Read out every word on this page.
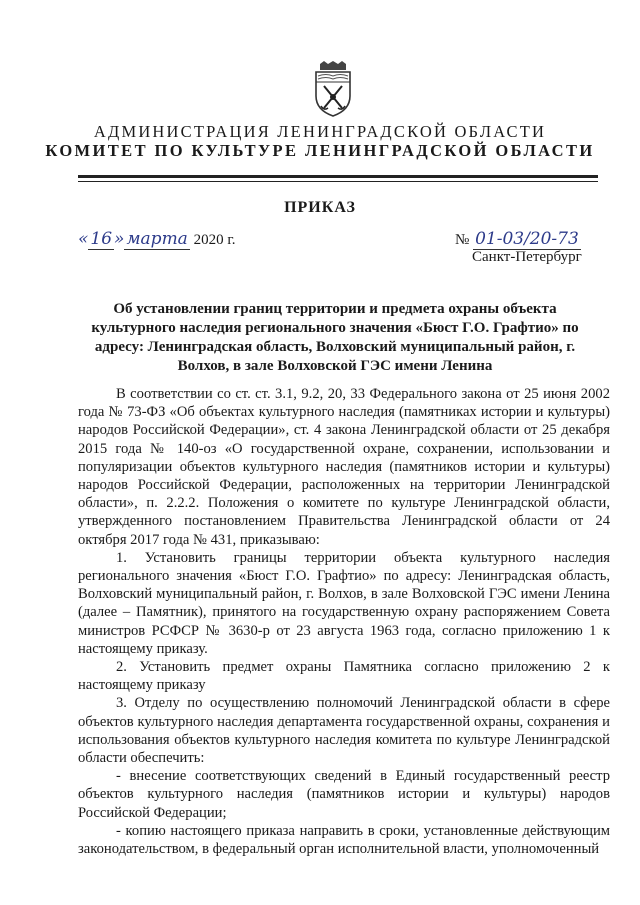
АДМИНИСТРАЦИЯ ЛЕНИНГРАДСКОЙ ОБЛАСТИ
КОМИТЕТ ПО КУЛЬТУРЕ ЛЕНИНГРАДСКОЙ ОБЛАСТИ
ПРИКАЗ
« 16 » марта 2020 г.	№ 01-03/20-73
Санкт-Петербург
Об установлении границ территории и предмета охраны объекта культурного наследия регионального значения «Бюст Г.О. Графтио» по адресу: Ленинградская область, Волховский муниципальный район, г. Волхов, в зале Волховской ГЭС имени Ленина

В соответствии со ст. ст. 3.1, 9.2, 20, 33 Федерального закона от 25 июня 2002 года № 73-ФЗ «Об объектах культурного наследия (памятниках истории и культуры) народов Российской Федерации», ст. 4 закона Ленинградской области от 25 декабря 2015 года № 140-оз «О государственной охране, сохранении, использовании и популяризации объектов культурного наследия (памятников истории и культуры) народов Российской Федерации, расположенных на территории Ленинградской области», п. 2.2.2. Положения о комитете по культуре Ленинградской области, утвержденного постановлением Правительства Ленинградской области от 24 октября 2017 года № 431, приказываю:

1. Установить границы территории объекта культурного наследия регионального значения «Бюст Г.О. Графтио» по адресу: Ленинградская область, Волховский муниципальный район, г. Волхов, в зале Волховской ГЭС имени Ленина (далее – Памятник), принятого на государственную охрану распоряжением Совета министров РСФСР № 3630-р от 23 августа 1963 года, согласно приложению 1 к настоящему приказу.

2. Установить предмет охраны Памятника согласно приложению 2 к настоящему приказу

3. Отделу по осуществлению полномочий Ленинградской области в сфере объектов культурного наследия департамента государственной охраны, сохранения и использования объектов культурного наследия комитета по культуре Ленинградской области обеспечить:

- внесение соответствующих сведений в Единый государственный реестр объектов культурного наследия (памятников истории и культуры) народов Российской Федерации;

- копию настоящего приказа направить в сроки, установленные действующим законодательством, в федеральный орган исполнительной власти, уполномоченный
